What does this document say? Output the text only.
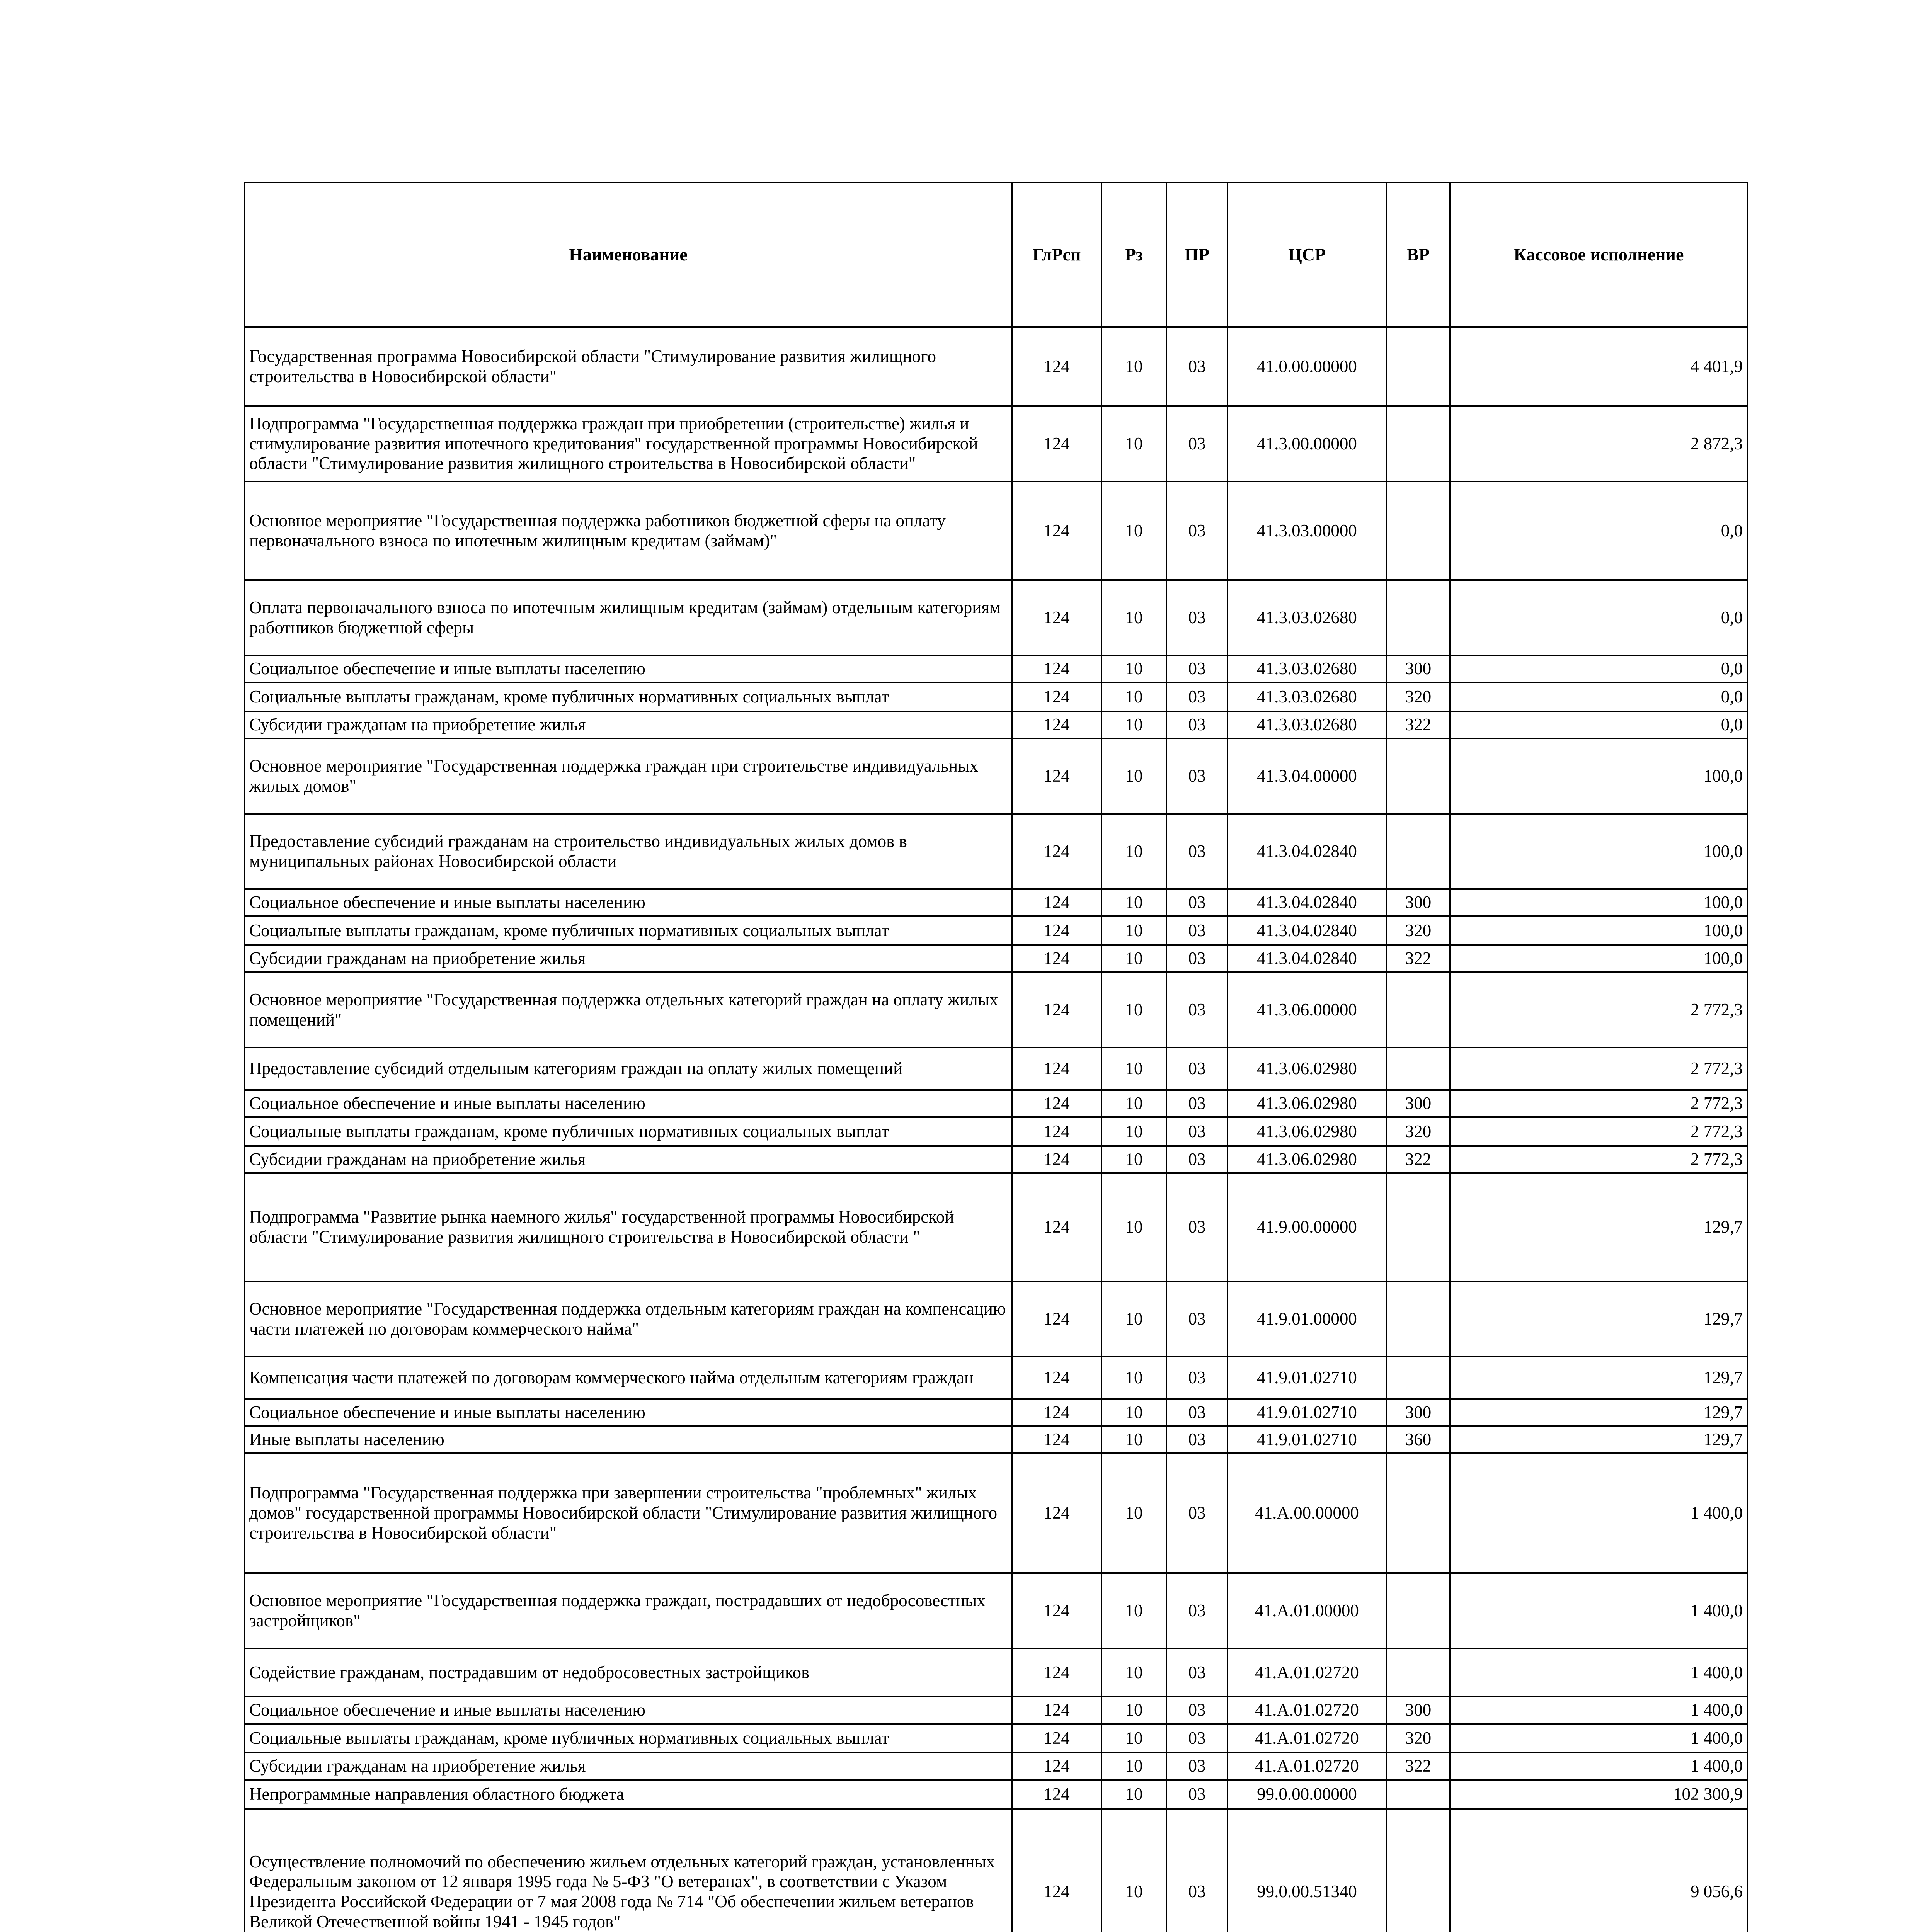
Наименование	ГлРсп	Рз	ПР	ЦСР	ВР	Кассовое исполнение
Государственная программа Новосибирской области "Стимулирование развития жилищного строительства в Новосибирской области"	124	10	03	41.0.00.00000		4 401,9
Подпрограмма "Государственная поддержка граждан при приобретении (строительстве) жилья и стимулирование развития ипотечного кредитования" государственной программы Новосибирской области "Стимулирование развития жилищного строительства в Новосибирской области"	124	10	03	41.3.00.00000		2 872,3
Основное мероприятие "Государственная поддержка работников бюджетной сферы на оплату первоначального взноса по ипотечным жилищным кредитам (займам)"	124	10	03	41.3.03.00000		0,0
Оплата первоначального взноса по ипотечным жилищным кредитам (займам) отдельным категориям работников бюджетной сферы	124	10	03	41.3.03.02680		0,0
Социальное обеспечение и иные выплаты населению	124	10	03	41.3.03.02680	300	0,0
Социальные выплаты гражданам, кроме публичных нормативных социальных выплат	124	10	03	41.3.03.02680	320	0,0
Субсидии гражданам на приобретение жилья	124	10	03	41.3.03.02680	322	0,0
Основное мероприятие "Государственная поддержка граждан при строительстве индивидуальных жилых домов"	124	10	03	41.3.04.00000		100,0
Предоставление субсидий гражданам на строительство индивидуальных жилых домов в муниципальных районах Новосибирской области	124	10	03	41.3.04.02840		100,0
Социальное обеспечение и иные выплаты населению	124	10	03	41.3.04.02840	300	100,0
Социальные выплаты гражданам, кроме публичных нормативных социальных выплат	124	10	03	41.3.04.02840	320	100,0
Субсидии гражданам на приобретение жилья	124	10	03	41.3.04.02840	322	100,0
Основное мероприятие "Государственная поддержка отдельных категорий граждан на оплату жилых помещений"	124	10	03	41.3.06.00000		2 772,3
Предоставление субсидий отдельным категориям граждан на оплату жилых помещений	124	10	03	41.3.06.02980		2 772,3
Социальное обеспечение и иные выплаты населению	124	10	03	41.3.06.02980	300	2 772,3
Социальные выплаты гражданам, кроме публичных нормативных социальных выплат	124	10	03	41.3.06.02980	320	2 772,3
Субсидии гражданам на приобретение жилья	124	10	03	41.3.06.02980	322	2 772,3
Подпрограмма "Развитие рынка наемного жилья" государственной программы Новосибирской области "Стимулирование развития жилищного строительства в Новосибирской области "	124	10	03	41.9.00.00000		129,7
Основное мероприятие "Государственная поддержка отдельным категориям граждан на компенсацию части платежей по договорам коммерческого найма"	124	10	03	41.9.01.00000		129,7
Компенсация части платежей по договорам коммерческого найма отдельным категориям граждан	124	10	03	41.9.01.02710		129,7
Социальное обеспечение и иные выплаты населению	124	10	03	41.9.01.02710	300	129,7
Иные выплаты населению	124	10	03	41.9.01.02710	360	129,7
Подпрограмма "Государственная поддержка при завершении строительства "проблемных" жилых домов" государственной программы Новосибирской области "Стимулирование развития жилищного строительства в Новосибирской области"	124	10	03	41.А.00.00000		1 400,0
Основное мероприятие "Государственная поддержка граждан, пострадавших от недобросовестных застройщиков"	124	10	03	41.А.01.00000		1 400,0
Содействие гражданам, пострадавшим от недобросовестных застройщиков	124	10	03	41.А.01.02720		1 400,0
Социальное обеспечение и иные выплаты населению	124	10	03	41.А.01.02720	300	1 400,0
Социальные выплаты гражданам, кроме публичных нормативных социальных выплат	124	10	03	41.А.01.02720	320	1 400,0
Субсидии гражданам на приобретение жилья	124	10	03	41.А.01.02720	322	1 400,0
Непрограммные направления областного бюджета	124	10	03	99.0.00.00000		102 300,9
Осуществление полномочий по обеспечению жильем отдельных категорий граждан, установленных Федеральным законом от 12 января 1995 года № 5-ФЗ "О ветеранах", в соответствии с Указом Президента Российской Федерации от 7 мая 2008 года № 714 "Об обеспечении жильем ветеранов Великой Отечественной войны 1941 - 1945 годов"	124	10	03	99.0.00.51340		9 056,6
